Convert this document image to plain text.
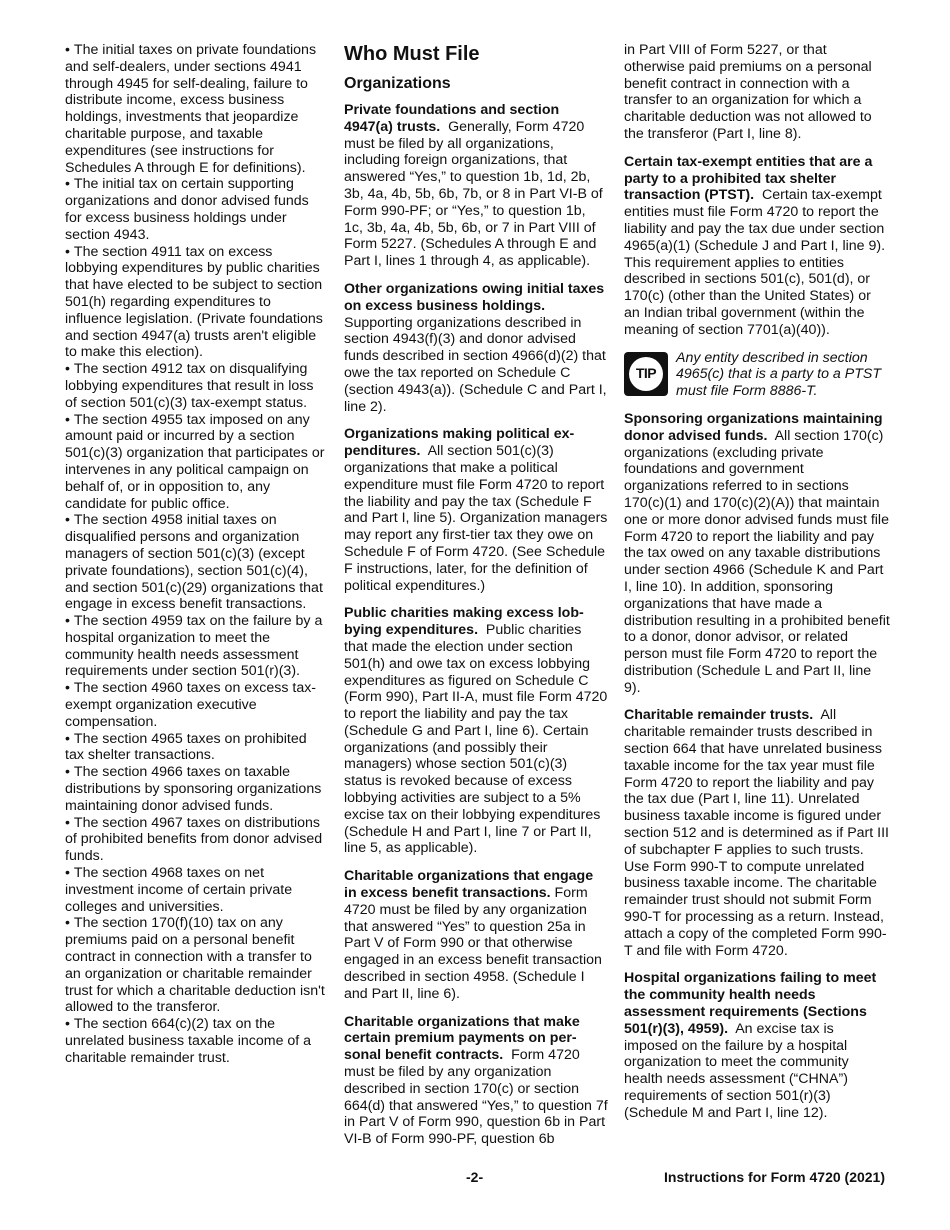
• The initial taxes on private foundations and self-dealers, under sections 4941 through 4945 for self-dealing, failure to distribute income, excess business holdings, investments that jeopardize charitable purpose, and taxable expenditures (see instructions for Schedules A through E for definitions).

• The initial tax on certain supporting organizations and donor advised funds for excess business holdings under section 4943.

• The section 4911 tax on excess lobbying expenditures by public charities that have elected to be subject to section 501(h) regarding expenditures to influence legislation. (Private foundations and section 4947(a) trusts aren't eligible to make this election).

• The section 4912 tax on disqualifying lobbying expenditures that result in loss of section 501(c)(3) tax-exempt status.

• The section 4955 tax imposed on any amount paid or incurred by a section 501(c)(3) organization that participates or intervenes in any political campaign on behalf of, or in opposition to, any candidate for public office.

• The section 4958 initial taxes on disqualified persons and organization managers of section 501(c)(3) (except private foundations), section 501(c)(4), and section 501(c)(29) organizations that engage in excess benefit transactions.

• The section 4959 tax on the failure by a hospital organization to meet the community health needs assessment requirements under section 501(r)(3).

• The section 4960 taxes on excess tax-exempt organization executive compensation.

• The section 4965 taxes on prohibited tax shelter transactions.

• The section 4966 taxes on taxable distributions by sponsoring organizations maintaining donor advised funds.

• The section 4967 taxes on distributions of prohibited benefits from donor advised funds.

• The section 4968 taxes on net investment income of certain private colleges and universities.

• The section 170(f)(10) tax on any premiums paid on a personal benefit contract in connection with a transfer to an organization or charitable remainder trust for which a charitable deduction isn't allowed to the transferor.

• The section 664(c)(2) tax on the unrelated business taxable income of a charitable remainder trust.

Who Must File
Organizations

Private foundations and section 4947(a) trusts. Generally, Form 4720 must be filed by all organizations, including foreign organizations, that answered “Yes,” to question 1b, 1d, 2b, 3b, 4a, 4b, 5b, 6b, 7b, or 8 in Part VI-B of Form 990-PF; or “Yes,” to question 1b, 1c, 3b, 4a, 4b, 5b, 6b, or 7 in Part VIII of Form 5227. (Schedules A through E and Part I, lines 1 through 4, as applicable).

Other organizations owing initial taxes on excess business holdings. Supporting organizations described in section 4943(f)(3) and donor advised funds described in section 4966(d)(2) that owe the tax reported on Schedule C (section 4943(a)). (Schedule C and Part I, line 2).

Organizations making political expenditures. All section 501(c)(3) organizations that make a political expenditure must file Form 4720 to report the liability and pay the tax (Schedule F and Part I, line 5). Organization managers may report any first-tier tax they owe on Schedule F of Form 4720. (See Schedule F instructions, later, for the definition of political expenditures.)

Public charities making excess lobbying expenditures. Public charities that made the election under section 501(h) and owe tax on excess lobbying expenditures as figured on Schedule C (Form 990), Part II-A, must file Form 4720 to report the liability and pay the tax (Schedule G and Part I, line 6). Certain organizations (and possibly their managers) whose section 501(c)(3) status is revoked because of excess lobbying activities are subject to a 5% excise tax on their lobbying expenditures (Schedule H and Part I, line 7 or Part II, line 5, as applicable).

Charitable organizations that engage in excess benefit transactions. Form 4720 must be filed by any organization that answered “Yes” to question 25a in Part V of Form 990 or that otherwise engaged in an excess benefit transaction described in section 4958. (Schedule I and Part II, line 6).

Charitable organizations that make certain premium payments on personal benefit contracts. Form 4720 must be filed by any organization described in section 170(c) or section 664(d) that answered “Yes,” to question 7f in Part V of Form 990, question 6b in Part VI-B of Form 990-PF, question 6b

in Part VIII of Form 5227, or that otherwise paid premiums on a personal benefit contract in connection with a transfer to an organization for which a charitable deduction was not allowed to the transferor (Part I, line 8).

Certain tax-exempt entities that are a party to a prohibited tax shelter transaction (PTST). Certain tax-exempt entities must file Form 4720 to report the liability and pay the tax due under section 4965(a)(1) (Schedule J and Part I, line 9). This requirement applies to entities described in sections 501(c), 501(d), or 170(c) (other than the United States) or an Indian tribal government (within the meaning of section 7701(a)(40)).

TIP
Any entity described in section 4965(c) that is a party to a PTST must file Form 8886-T.

Sponsoring organizations maintaining donor advised funds. All section 170(c) organizations (excluding private foundations and government organizations referred to in sections 170(c)(1) and 170(c)(2)(A)) that maintain one or more donor advised funds must file Form 4720 to report the liability and pay the tax owed on any taxable distributions under section 4966 (Schedule K and Part I, line 10). In addition, sponsoring organizations that have made a distribution resulting in a prohibited benefit to a donor, donor advisor, or related person must file Form 4720 to report the distribution (Schedule L and Part II, line 9).

Charitable remainder trusts. All charitable remainder trusts described in section 664 that have unrelated business taxable income for the tax year must file Form 4720 to report the liability and pay the tax due (Part I, line 11). Unrelated business taxable income is figured under section 512 and is determined as if Part III of subchapter F applies to such trusts. Use Form 990-T to compute unrelated business taxable income. The charitable remainder trust should not submit Form 990-T for processing as a return. Instead, attach a copy of the completed Form 990-T and file with Form 4720.

Hospital organizations failing to meet the community health needs assessment requirements (Sections 501(r)(3), 4959). An excise tax is imposed on the failure by a hospital organization to meet the community health needs assessment (“CHNA”) requirements of section 501(r)(3) (Schedule M and Part I, line 12).

-2-	Instructions for Form 4720 (2021)
